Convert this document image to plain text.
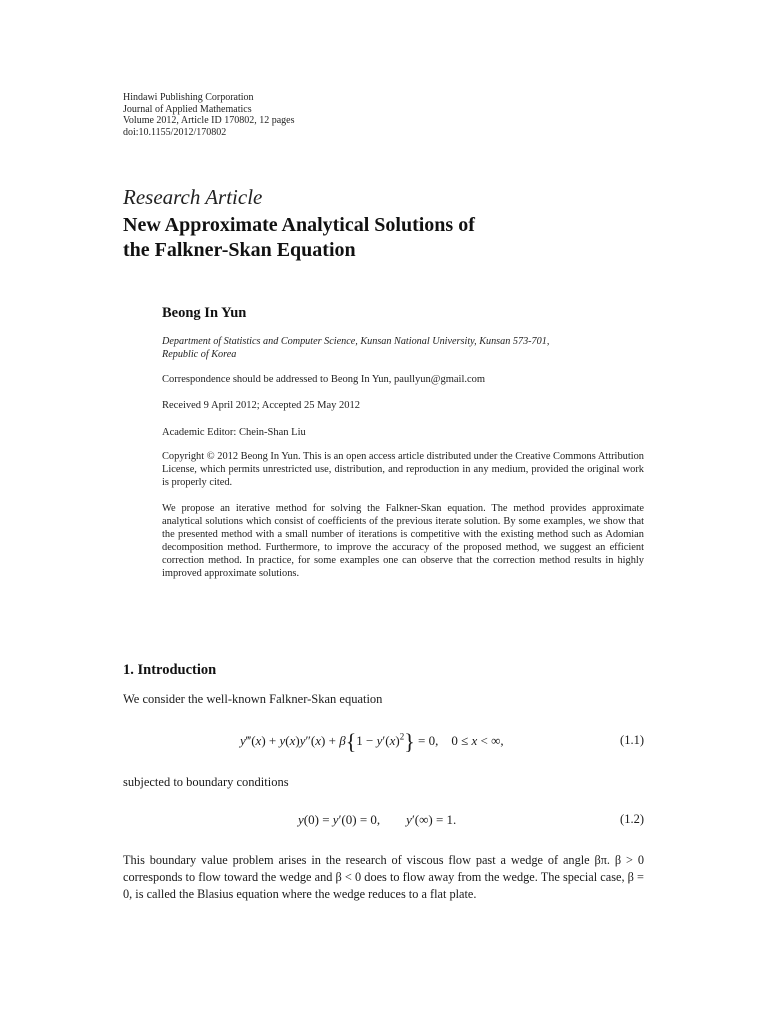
Hindawi Publishing Corporation
Journal of Applied Mathematics
Volume 2012, Article ID 170802, 12 pages
doi:10.1155/2012/170802
Research Article
New Approximate Analytical Solutions of
the Falkner-Skan Equation
Beong In Yun
Department of Statistics and Computer Science, Kunsan National University, Kunsan 573-701,
Republic of Korea
Correspondence should be addressed to Beong In Yun, paullyun@gmail.com
Received 9 April 2012; Accepted 25 May 2012
Academic Editor: Chein-Shan Liu
Copyright © 2012 Beong In Yun. This is an open access article distributed under the Creative Commons Attribution License, which permits unrestricted use, distribution, and reproduction in any medium, provided the original work is properly cited.
We propose an iterative method for solving the Falkner-Skan equation. The method provides approximate analytical solutions which consist of coefficients of the previous iterate solution. By some examples, we show that the presented method with a small number of iterations is competitive with the existing method such as Adomian decomposition method. Furthermore, to improve the accuracy of the proposed method, we suggest an efficient correction method. In practice, for some examples one can observe that the correction method results in highly improved approximate solutions.
1. Introduction
We consider the well-known Falkner-Skan equation
y‴(x) + $y(x)y''(x) + \beta\{1 - y'(x)^2\} = 0$,    0 ≤ x < ∞,	(1.1)
subjected to boundary conditions
y(0) = y′(0) = 0,        y′(∞) = 1.	(1.2)
This boundary value problem arises in the research of viscous flow past a wedge of angle βπ. β > 0 corresponds to flow toward the wedge and β < 0 does to flow away from the wedge. The special case, β = 0, is called the Blasius equation where the wedge reduces to a flat plate.
